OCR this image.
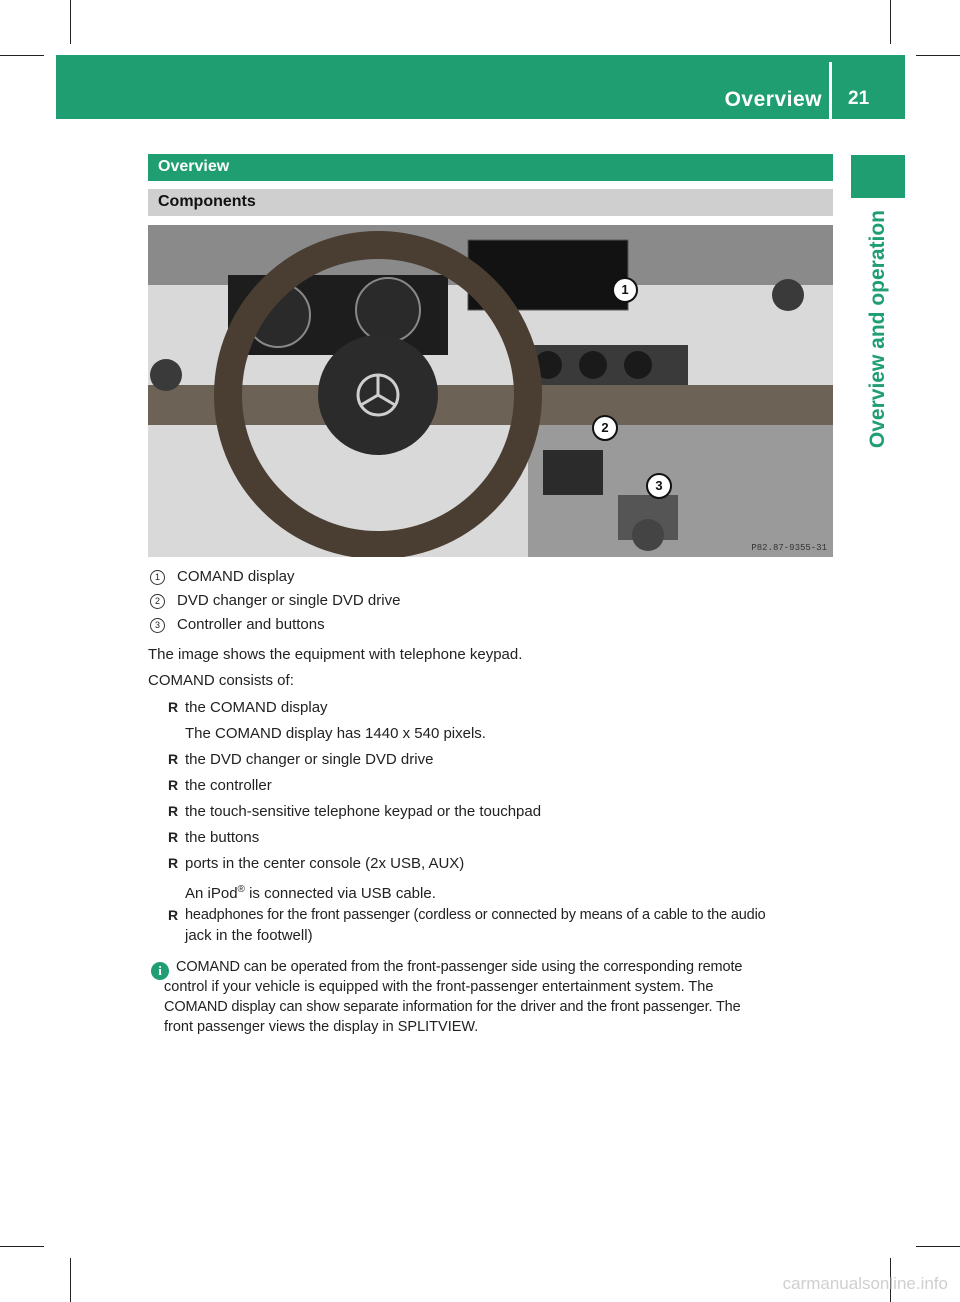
Overview 21
Overview and operation
Overview
Components
1
2
3
P82.87-9355-31
1 COMAND display
2 DVD changer or single DVD drive
3 Controller and buttons
The image shows the equipment with telephone keypad.
COMAND consists of:
R the COMAND display
The COMAND display has 1440 x 540 pixels.
R the DVD changer or single DVD drive
R the controller
R the touch-sensitive telephone keypad or the touchpad
R the buttons
R ports in the center console (2x USB, AUX)
An iPod® is connected via USB cable.
R headphones for the front passenger (cordless or connected by means of a cable to the audio
jack in the footwell)
i COMAND can be operated from the front-passenger side using the corresponding remote
control if your vehicle is equipped with the front-passenger entertainment system. The
COMAND display can show separate information for the driver and the front passenger. The
front passenger views the display in SPLITVIEW.
carmanualsonline.info
